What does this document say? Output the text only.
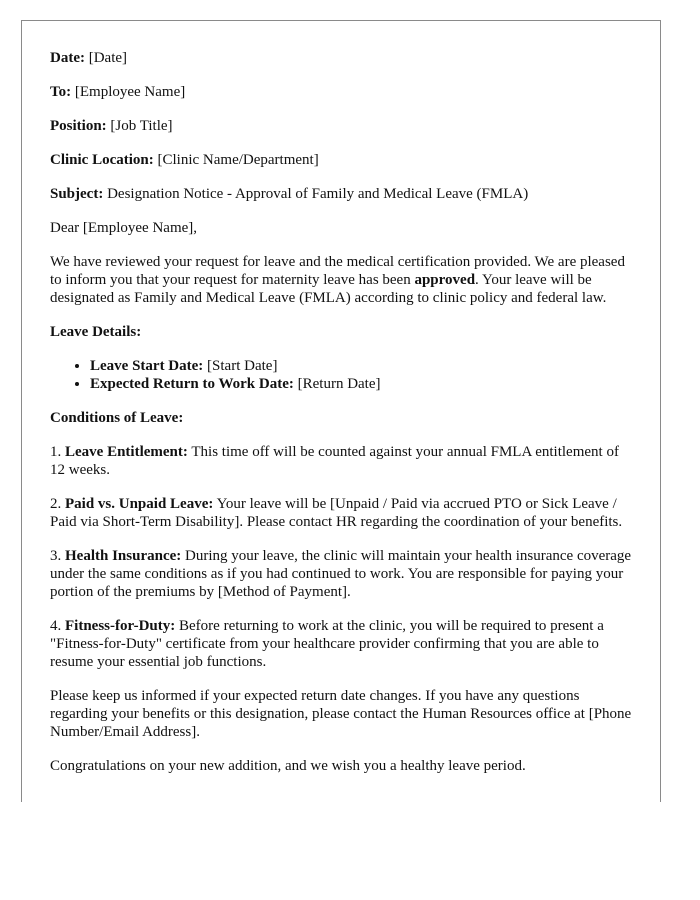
Date: [Date]

To: [Employee Name]

Position: [Job Title]

Clinic Location: [Clinic Name/Department]

Subject: Designation Notice - Approval of Family and Medical Leave (FMLA)

Dear [Employee Name],

We have reviewed your request for leave and the medical certification provided. We are pleased to inform you that your request for maternity leave has been approved. Your leave will be designated as Family and Medical Leave (FMLA) according to clinic policy and federal law.

Leave Details:

• Leave Start Date: [Start Date]
• Expected Return to Work Date: [Return Date]

Conditions of Leave:

1. Leave Entitlement: This time off will be counted against your annual FMLA entitlement of 12 weeks.

2. Paid vs. Unpaid Leave: Your leave will be [Unpaid / Paid via accrued PTO or Sick Leave / Paid via Short-Term Disability]. Please contact HR regarding the coordination of your benefits.

3. Health Insurance: During your leave, the clinic will maintain your health insurance coverage under the same conditions as if you had continued to work. You are responsible for paying your portion of the premiums by [Method of Payment].

4. Fitness-for-Duty: Before returning to work at the clinic, you will be required to present a "Fitness-for-Duty" certificate from your healthcare provider confirming that you are able to resume your essential job functions.

Please keep us informed if your expected return date changes. If you have any questions regarding your benefits or this designation, please contact the Human Resources office at [Phone Number/Email Address].

Congratulations on your new addition, and we wish you a healthy leave period.
